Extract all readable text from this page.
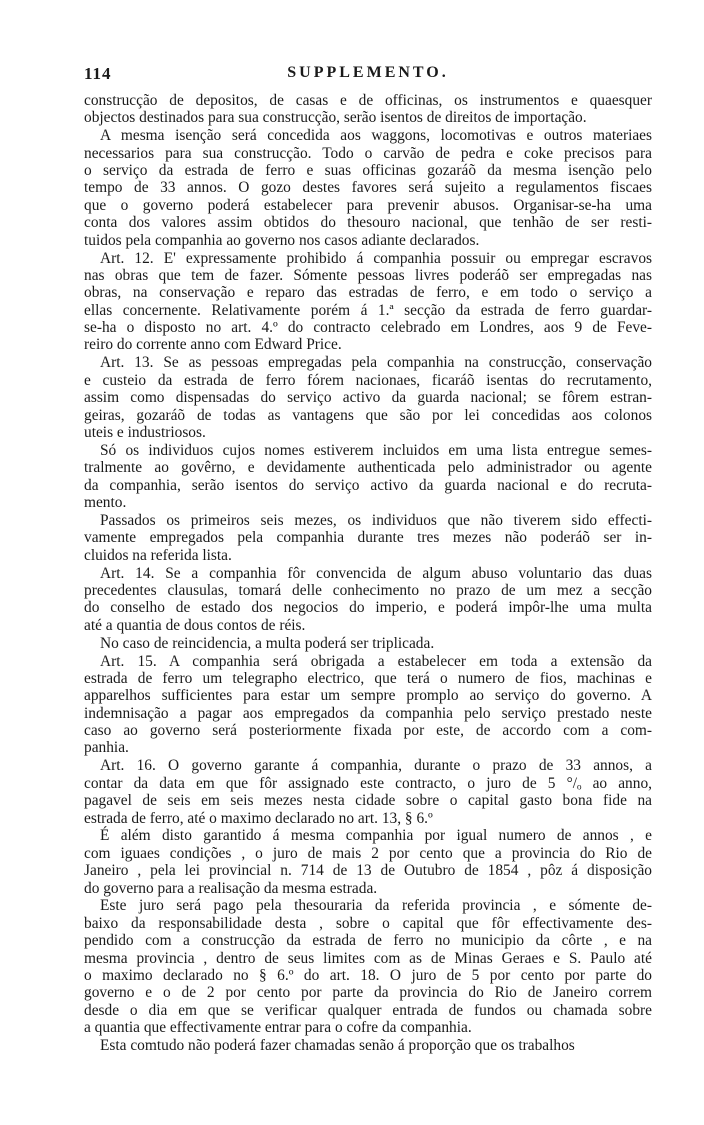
114	SUPPLEMENTO.
construcção de depositos, de casas e de officinas, os instrumentos e quaesquer
objectos destinados para sua construcção, serão isentos de direitos de importação.
A mesma isenção será concedida aos waggons, locomotivas e outros materiaes
necessarios para sua construcção. Todo o carvão de pedra e coke precisos para
o serviço da estrada de ferro e suas officinas gozaráõ da mesma isenção pelo
tempo de 33 annos. O gozo destes favores será sujeito a regulamentos fiscaes
que o governo poderá estabelecer para prevenir abusos. Organisar-se-ha uma
conta dos valores assim obtidos do thesouro nacional, que tenhão de ser resti-
tuidos pela companhia ao governo nos casos adiante declarados.
Art. 12. E' expressamente prohibido á companhia possuir ou empregar escravos
nas obras que tem de fazer. Sómente pessoas livres poderáõ ser empregadas nas
obras, na conservação e reparo das estradas de ferro, e em todo o serviço a
ellas concernente. Relativamente porém á 1.ª secção da estrada de ferro guardar-
se-ha o disposto no art. 4.º do contracto celebrado em Londres, aos 9 de Feve-
reiro do corrente anno com Edward Price.
Art. 13. Se as pessoas empregadas pela companhia na construcção, conservação
e custeio da estrada de ferro fórem nacionaes, ficaráõ isentas do recrutamento,
assim como dispensadas do serviço activo da guarda nacional; se fôrem estran-
geiras, gozaráõ de todas as vantagens que são por lei concedidas aos colonos
uteis e industriosos.
Só os individuos cujos nomes estiverem incluidos em uma lista entregue semes-
tralmente ao govêrno, e devidamente authenticada pelo administrador ou agente
da companhia, serão isentos do serviço activo da guarda nacional e do recruta-
mento.
Passados os primeiros seis mezes, os individuos que não tiverem sido effecti-
vamente empregados pela companhia durante tres mezes não poderáõ ser in-
cluidos na referida lista.
Art. 14. Se a companhia fôr convencida de algum abuso voluntario das duas
precedentes clausulas, tomará delle conhecimento no prazo de um mez a secção
do conselho de estado dos negocios do imperio, e poderá impôr-lhe uma multa
até a quantia de dous contos de réis.
No caso de reincidencia, a multa poderá ser triplicada.
Art. 15. A companhia será obrigada a estabelecer em toda a extensão da
estrada de ferro um telegrapho electrico, que terá o numero de fios, machinas e
apparelhos sufficientes para estar um sempre promplo ao serviço do governo. A
indemnisação a pagar aos empregados da companhia pelo serviço prestado neste
caso ao governo será posteriormente fixada por este, de accordo com a com-
panhia.
Art. 16. O governo garante á companhia, durante o prazo de 33 annos, a
contar da data em que fôr assignado este contracto, o juro de 5 °/ₒ ao anno,
pagavel de seis em seis mezes nesta cidade sobre o capital gasto bona fide na
estrada de ferro, até o maximo declarado no art. 13, § 6.º
É além disto garantido á mesma companhia por igual numero de annos , e
com iguaes condições , o juro de mais 2 por cento que a provincia do Rio de
Janeiro , pela lei provincial n. 714 de 13 de Outubro de 1854 , pôz á disposição
do governo para a realisação da mesma estrada.
Este juro será pago pela thesouraria da referida provincia , e sómente de-
baixo da responsabilidade desta , sobre o capital que fôr effectivamente des-
pendido com a construcção da estrada de ferro no municipio da côrte , e na
mesma provincia , dentro de seus limites com as de Minas Geraes e S. Paulo até
o maximo declarado no § 6.º do art. 18. O juro de 5 por cento por parte do
governo e o de 2 por cento por parte da provincia do Rio de Janeiro correm
desde o dia em que se verificar qualquer entrada de fundos ou chamada sobre
a quantia que effectivamente entrar para o cofre da companhia.
Esta comtudo não poderá fazer chamadas senão á proporção que os trabalhos
